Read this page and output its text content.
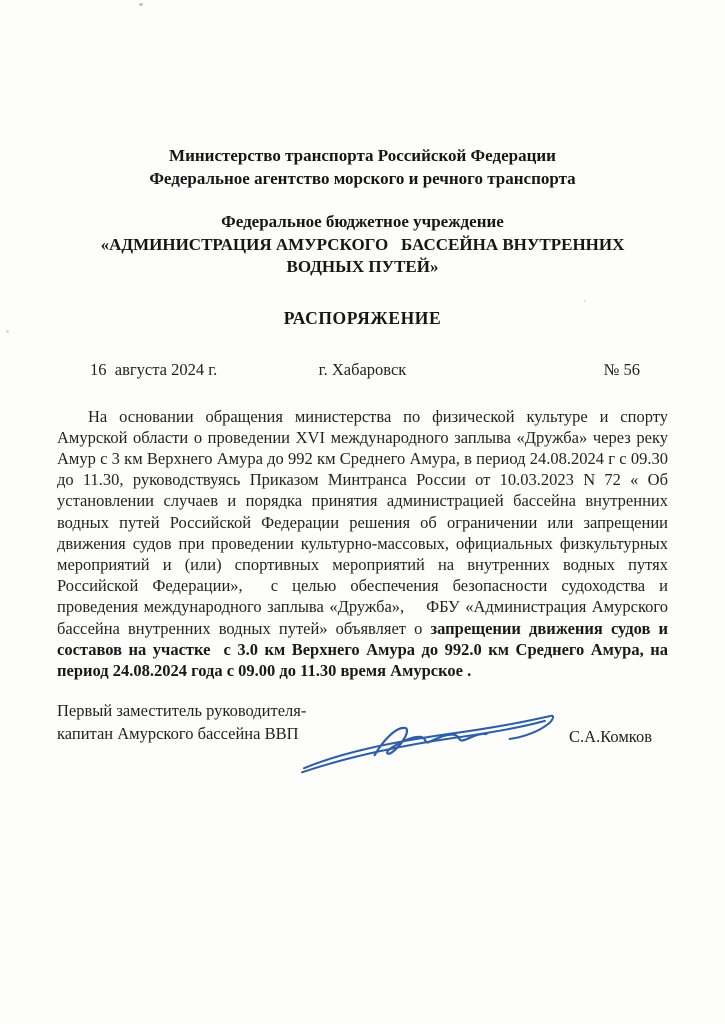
Министерство транспорта Российской Федерации
Федеральное агентство морского и речного транспорта
Федеральное бюджетное учреждение
«АДМИНИСТРАЦИЯ АМУРСКОГО   БАССЕЙНА ВНУТРЕННИХ
ВОДНЫХ ПУТЕЙ»
РАСПОРЯЖЕНИЕ
16  августа 2024 г.	г. Хабаровск	№ 56

На основании обращения министерства по физической культуре и спорту Амурской области о проведении XVI международного заплыва «Дружба» через реку Амур с 3 км Верхнего Амура до 992 км Среднего Амура, в период 24.08.2024 г с 09.30 до 11.30, руководствуясь Приказом Минтранса России от 10.03.2023 N 72 « Об установлении случаев и порядка принятия администрацией бассейна внутренних водных путей Российской Федерации решения об ограничении или запрещении движения судов при проведении культурно-массовых, официальных физкультурных мероприятий и (или) спортивных мероприятий на внутренних водных путях Российской Федерации»,  с целью обеспечения безопасности судоходства и проведения международного заплыва «Дружба»,    ФБУ «Администрация Амурского бассейна внутренних водных путей» объявляет о запрещении движения судов и составов на участке  с 3.0 км Верхнего Амура до 992.0 км Среднего Амура, на период 24.08.2024 года с 09.00 до 11.30 время Амурское .

Первый заместитель руководителя-
капитан Амурского бассейна ВВП	С.А.Комков
